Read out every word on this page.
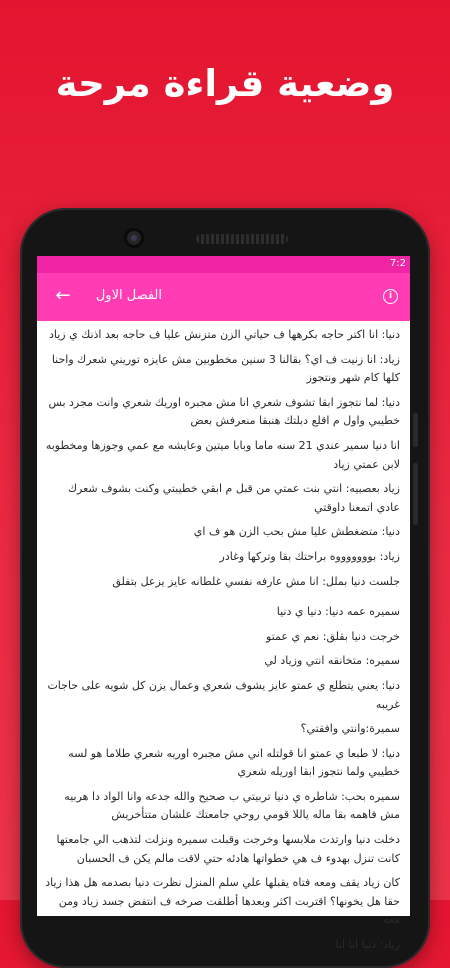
وضعية قراءة مرحة
7:2
i
الفصل الاول
←

دنيا: انا اكتر حاجه بكرهها ف حياتي الزن متزنش عليا ف حاجه بعد اذنك ي زياد

زياد: انا زنيت ف اي؟ بقالنا 3 سنين مخطوبين مش عايزه توريني شعرك واحنا كلها كام شهر ونتجوز

دنيا: لما نتجوز ابقا تشوف شعري انا مش مجبره اوريك شعري وانت مجرد بس خطيبي واول م اقلع دبلتك هنبقا منعرفش بعض

انا دنيا سمير عندي 21 سنه ماما وبابا ميتين وعايشه مع عمي وجوزها ومخطوبه لابن عمتي زياد

زياد بعصبيه: انتي بنت عمتي من قبل م ابقي خطيبتي وكنت بشوف شعرك عادي اتمعنا داوقتي

دنيا: متضغطش عليا مش بحب الزن هو ف اي

زياد: بوووووووه براحتك بقا وتركها وغادر

جلست دنيا بملل: انا مش عارفه نفسي غلطانه عايز يزعل بتفلق

سميره عمه دنيا: دنيا ي دنيا

خرجت دنيا بقلق: نعم ي عمتو

سميره: متخانقه انتي وزياد لي

دنيا: يعني يتطلع ي عمتو عايز يشوف شعري وعمال يزن كل شويه على حاجات غريبه

سميرة:وانتي وافقتي؟

دنيا: لا طبعا ي عمتو انا قولتله اني مش مجبره اوريه شعري طلاما هو لسه خطيبي ولما نتجوز ابقا اوريله شعري

سميره بحب: شاطره ي دنيا تربيتي ب صحيح والله جدعه وانا الواد دا هربيه مش فاهمه بقا ماله ياللا قومي روحي جامعتك علشان متتأخريش

دخلت دنيا وارتدت ملابسها وخرجت وقبلت سميره ونزلت لتذهب الي جامعتها كانت تنزل بهدوء ف هي خطواتها هادئه حتي لاقت مالم يكن ف الحسبان

كان زياد يقف ومعه فتاه يقبلها علي سلم المنزل نظرت دنيا بصدمه هل هذا زياد حقا هل يخونها؟ اقتربت اكثر وبعدها أطلقت صرخه ف انتفض جسد زياد ومن معه

زياد: دنيا انا انا
